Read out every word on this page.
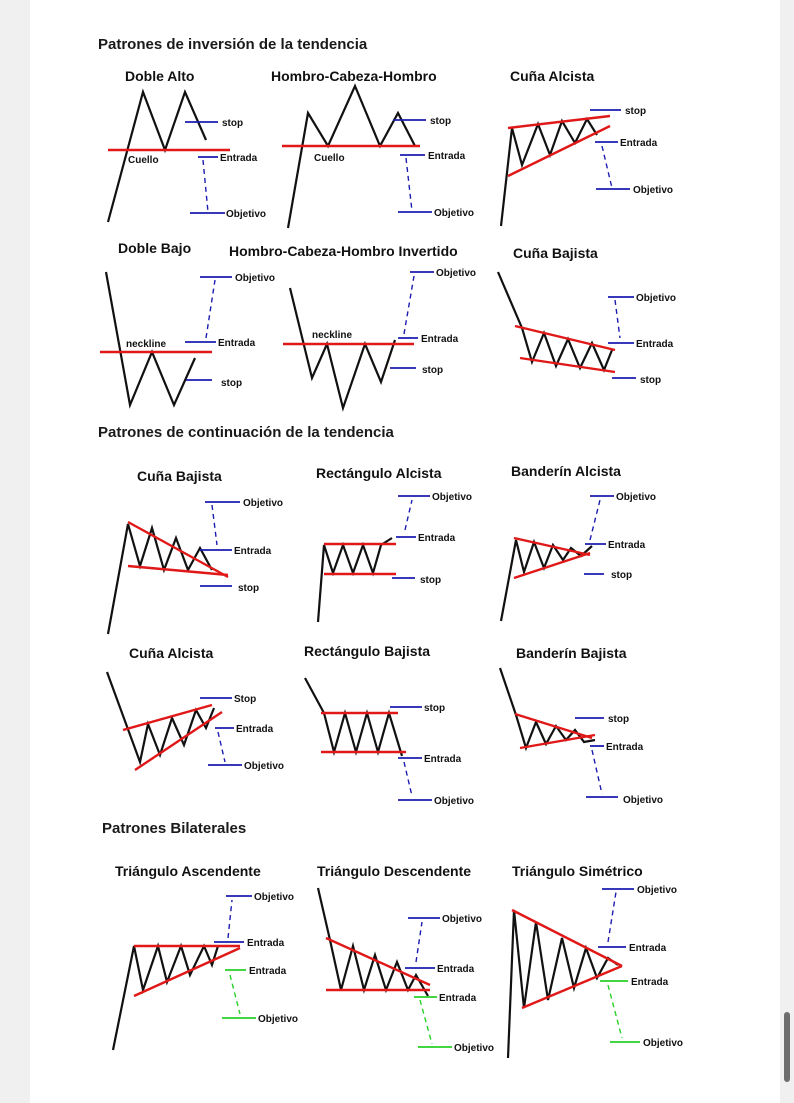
Patrones de inversión de la tendencia
Patrones de continuación de la tendencia
Patrones Bilaterales
Doble Alto
Cuello
stop
Entrada
Objetivo
Hombro-Cabeza-Hombro
Cuello
stop
Entrada
Objetivo
Cuña Alcista
stop
Entrada
Objetivo
Doble Bajo
neckline
Objetivo
Entrada
stop
Hombro-Cabeza-Hombro Invertido
neckline
Objetivo
Entrada
stop
Cuña Bajista
Objetivo
Entrada
stop
Cuña Bajista
Objetivo
Entrada
stop
Rectángulo Alcista
Objetivo
Entrada
stop
Banderín Alcista
Objetivo
Entrada
stop
Cuña Alcista
Stop
Entrada
Objetivo
Rectángulo Bajista
stop
Entrada
Objetivo
Banderín Bajista
stop
Entrada
Objetivo
Triángulo Ascendente
Objetivo
Entrada
Entrada
Objetivo
Triángulo Descendente
Objetivo
Entrada
Entrada
Objetivo
Triángulo Simétrico
Objetivo
Entrada
Entrada
Objetivo
